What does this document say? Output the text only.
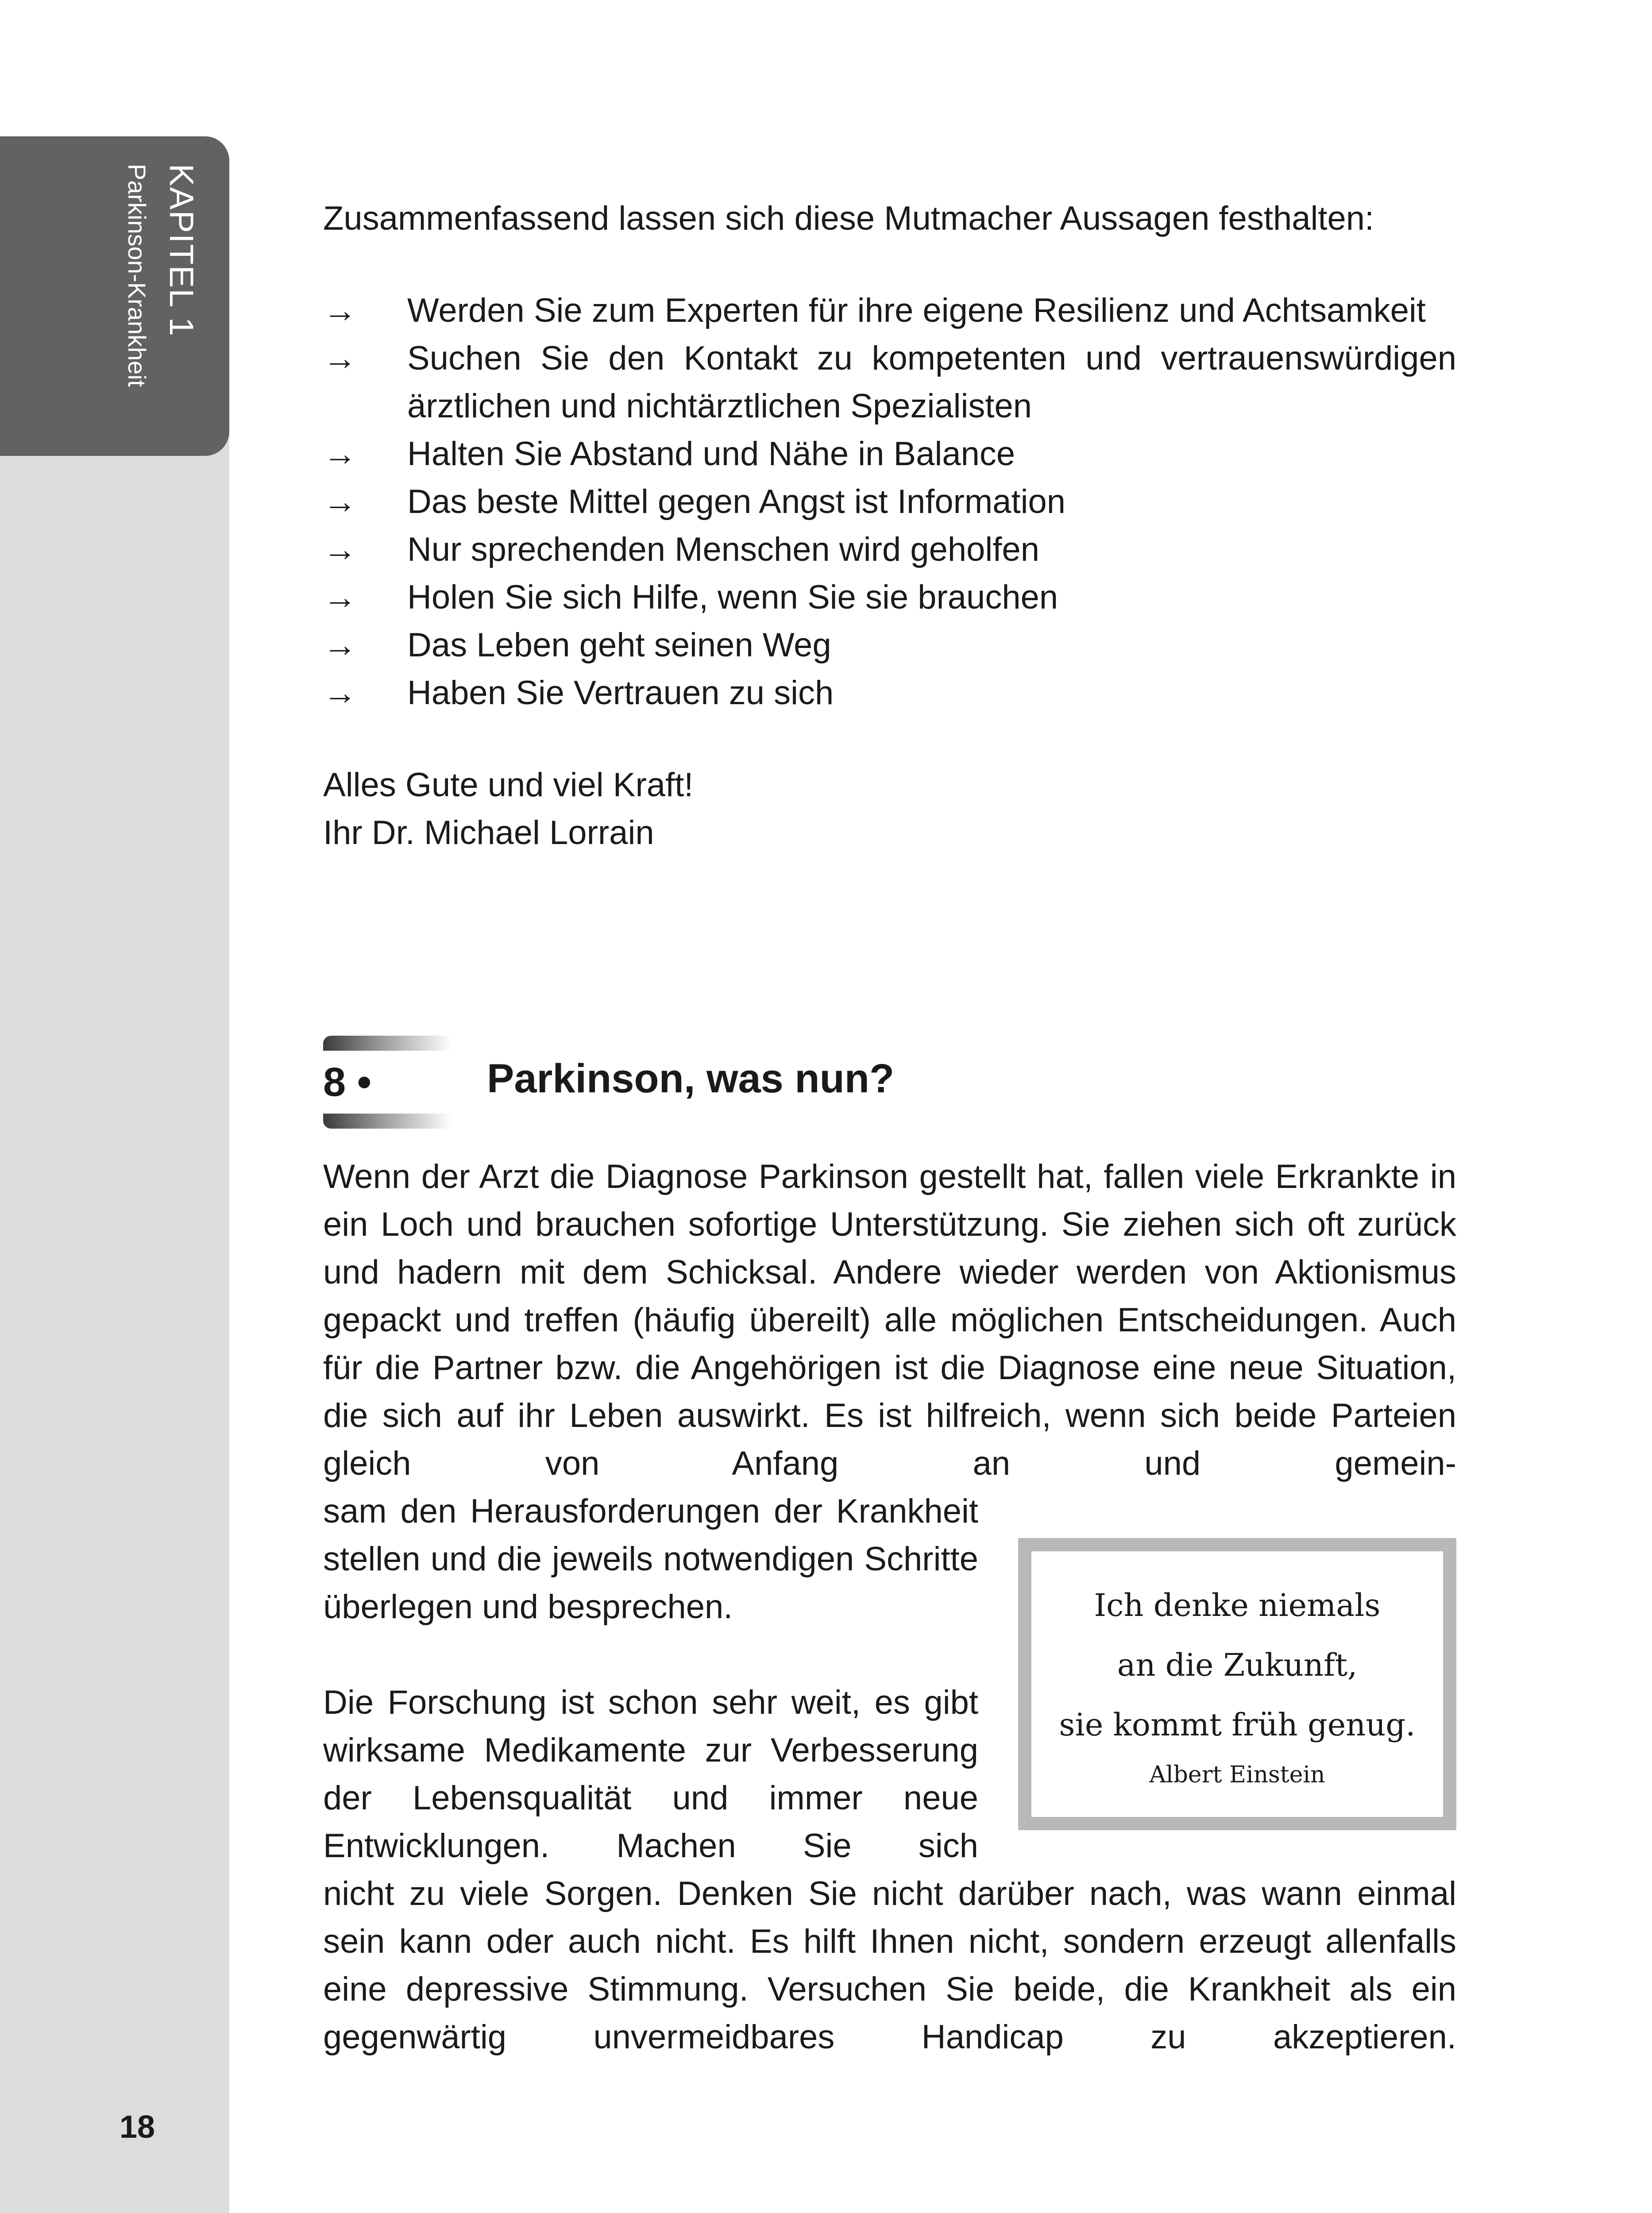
KAPITEL 1
Parkinson-Krankheit
18

Zusammenfassend lassen sich diese Mutmacher Aussagen festhalten:

→ Werden Sie zum Experten für ihre eigene Resilienz und Achtsamkeit
→ Suchen Sie den Kontakt zu kompetenten und vertrauenswürdigen ärztlichen und nichtärztlichen Spezialisten
→ Halten Sie Abstand und Nähe in Balance
→ Das beste Mittel gegen Angst ist Information
→ Nur sprechenden Menschen wird geholfen
→ Holen Sie sich Hilfe, wenn Sie sie brauchen
→ Das Leben geht seinen Weg
→ Haben Sie Vertrauen zu sich
Alles Gute und viel Kraft!
Ihr Dr. Michael Lorrain
8 •	Parkinson, was nun?

Wenn der Arzt die Diagnose Parkinson gestellt hat, fallen viele Erkrankte in ein Loch und brauchen sofortige Unterstützung. Sie ziehen sich oft zurück und hadern mit dem Schicksal. Andere wieder werden von Aktionismus gepackt und treffen (häufig übereilt) alle möglichen Entscheidungen. Auch für die Partner bzw. die Angehörigen ist die Diagnose eine neue Situation, die sich auf ihr Leben auswirkt. Es ist hilfreich, wenn sich beide Parteien gleich von Anfang an und gemein-

sam den Herausforderungen der Krankheit stellen und die jeweils notwendigen Schritte überlegen und besprechen.

Die Forschung ist schon sehr weit, es gibt wirksame Medikamente zur Verbesserung der Lebensqualität und immer neue Entwicklungen. Machen Sie sich

nicht zu viele Sorgen. Denken Sie nicht darüber nach, was wann einmal sein kann oder auch nicht. Es hilft Ihnen nicht, sondern erzeugt allenfalls eine depressive Stimmung. Versuchen Sie beide, die Krankheit als ein gegenwärtig unvermeidbares Handicap zu akzeptieren.

Ich denke niemals
an die Zukunft,
sie kommt früh genug.
Albert Einstein
